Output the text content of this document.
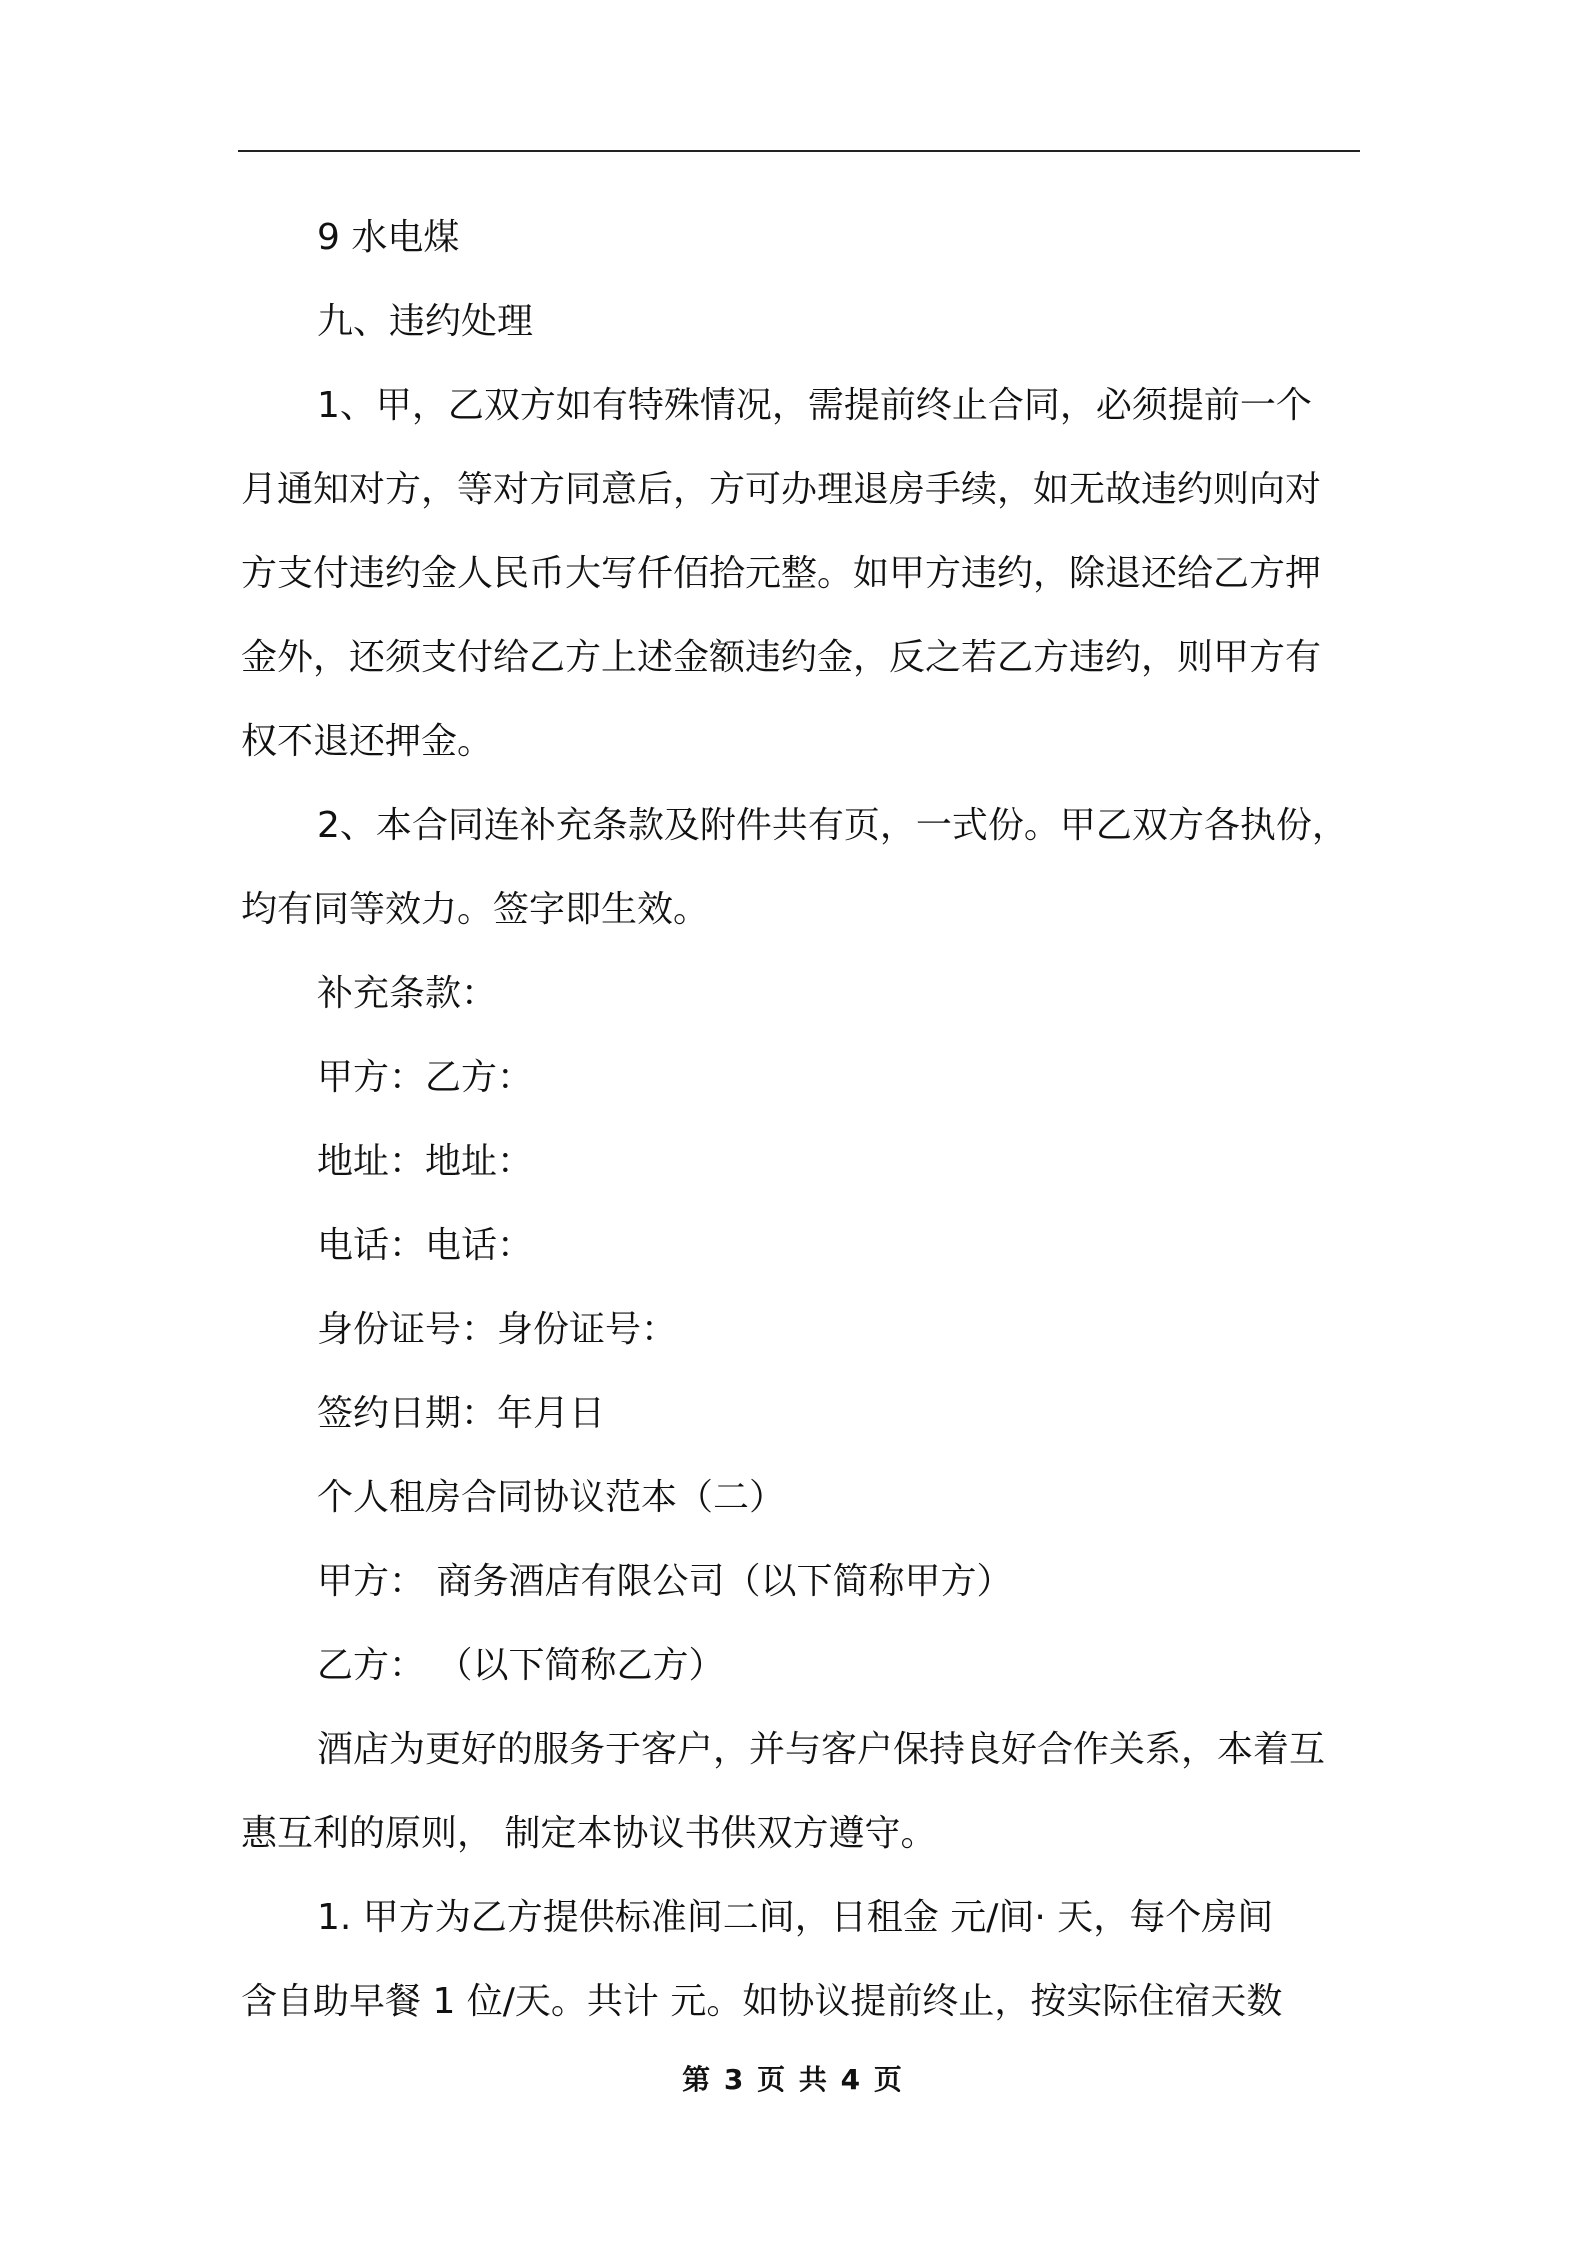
9 水电煤
九、违约处理
1、甲，乙双方如有特殊情况，需提前终止合同，必须提前一个
月通知对方，等对方同意后，方可办理退房手续，如无故违约则向对
方支付违约金人民币大写仟佰拾元整。如甲方违约，除退还给乙方押
金外，还须支付给乙方上述金额违约金，反之若乙方违约，则甲方有
权不退还押金。
2、本合同连补充条款及附件共有页，一式份。甲乙双方各执份，
均有同等效力。签字即生效。
补充条款：
甲方：乙方：
地址：地址：
电话：电话：
身份证号：身份证号：
签约日期：年月日
个人租房合同协议范本（二）
甲方： 商务酒店有限公司（以下简称甲方）
乙方： （以下简称乙方）
酒店为更好的服务于客户，并与客户保持良好合作关系，本着互
惠互利的原则， 制定本协议书供双方遵守。
1. 甲方为乙方提供标准间二间，日租金 元/间· 天，每个房间
含自助早餐 1 位/天。共计 元。如协议提前终止，按实际住宿天数
第 3 页 共 4 页
